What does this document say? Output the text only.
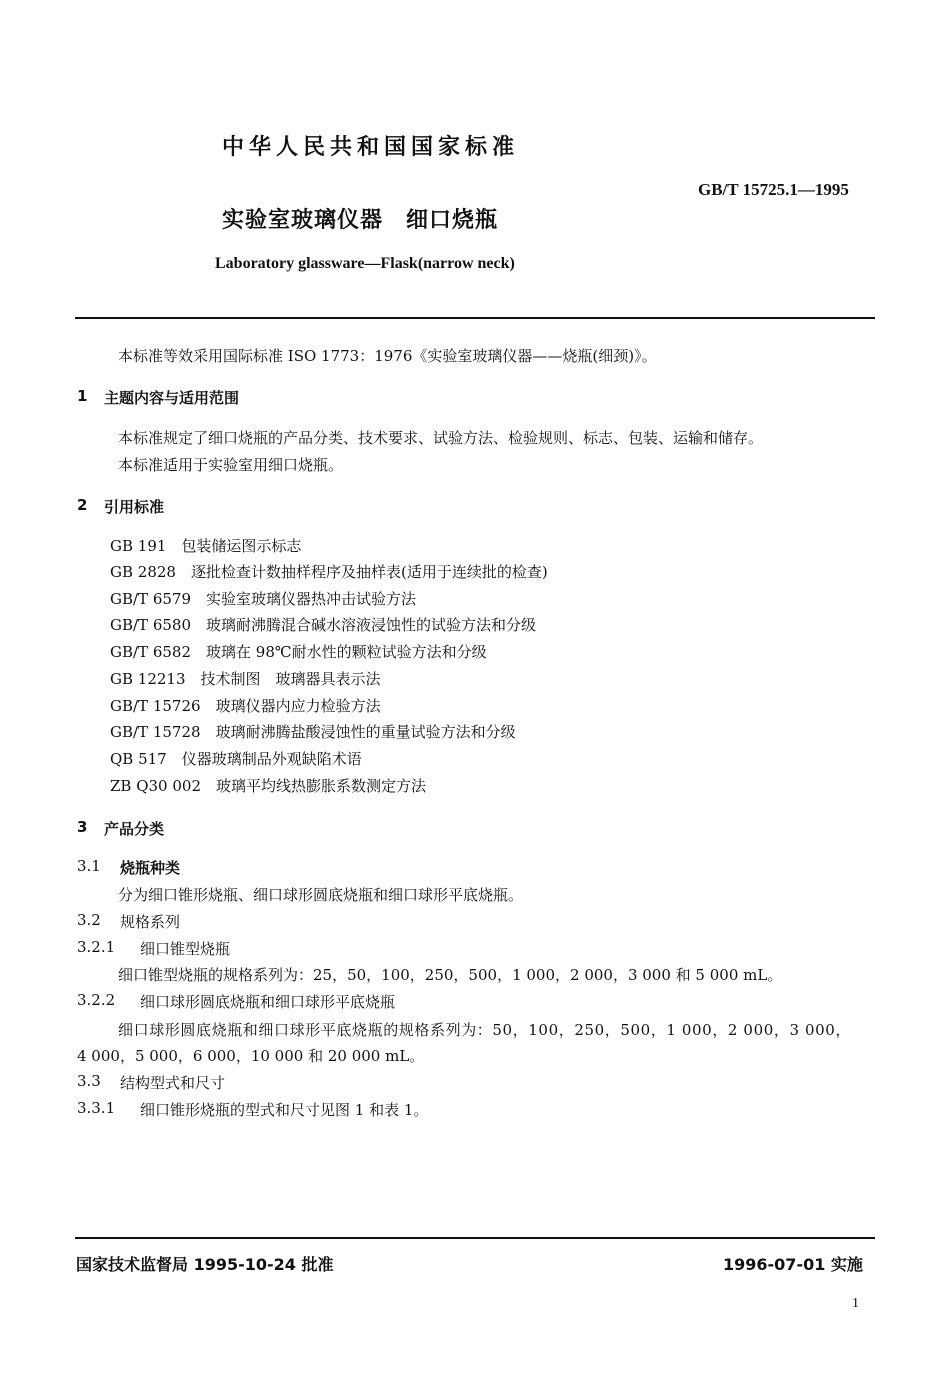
中华人民共和国国家标准
GB/T 15725.1—1995
实验室玻璃仪器　细口烧瓶
Laboratory glassware—Flask(narrow neck)
本标准等效采用国际标准 ISO 1773：1976《实验室玻璃仪器——烧瓶(细颈)》。
1 主题内容与适用范围
本标准规定了细口烧瓶的产品分类、技术要求、试验方法、检验规则、标志、包装、运输和储存。
本标准适用于实验室用细口烧瓶。
2 引用标准
GB 191　 包装储运图示标志
GB 2828　 逐批检查计数抽样程序及抽样表(适用于连续批的检查)
GB/T 6579　 实验室玻璃仪器热冲击试验方法
GB/T 6580　 玻璃耐沸腾混合碱水溶液浸蚀性的试验方法和分级
GB/T 6582　 玻璃在 98℃耐水性的颗粒试验方法和分级
GB 12213　 技术制图　玻璃器具表示法
GB/T 15726　 玻璃仪器内应力检验方法
GB/T 15728　 玻璃耐沸腾盐酸浸蚀性的重量试验方法和分级
QB 517　 仪器玻璃制品外观缺陷术语
ZB Q30 002　 玻璃平均线热膨胀系数测定方法
3 产品分类
3.1 烧瓶种类
分为细口锥形烧瓶、细口球形圆底烧瓶和细口球形平底烧瓶。
3.2 规格系列
3.2.1 细口锥型烧瓶
细口锥型烧瓶的规格系列为：25，50，100，250，500，1 000，2 000，3 000 和 5 000 mL。
3.2.2 细口球形圆底烧瓶和细口球形平底烧瓶
细口球形圆底烧瓶和细口球形平底烧瓶的规格系列为：50，100，250，500，1 000，2 000，3 000，
4 000，5 000，6 000，10 000 和 20 000 mL。
3.3 结构型式和尺寸
3.3.1 细口锥形烧瓶的型式和尺寸见图 1 和表 1。
国家技术监督局 1995-10-24 批准	1996-07-01 实施
1
